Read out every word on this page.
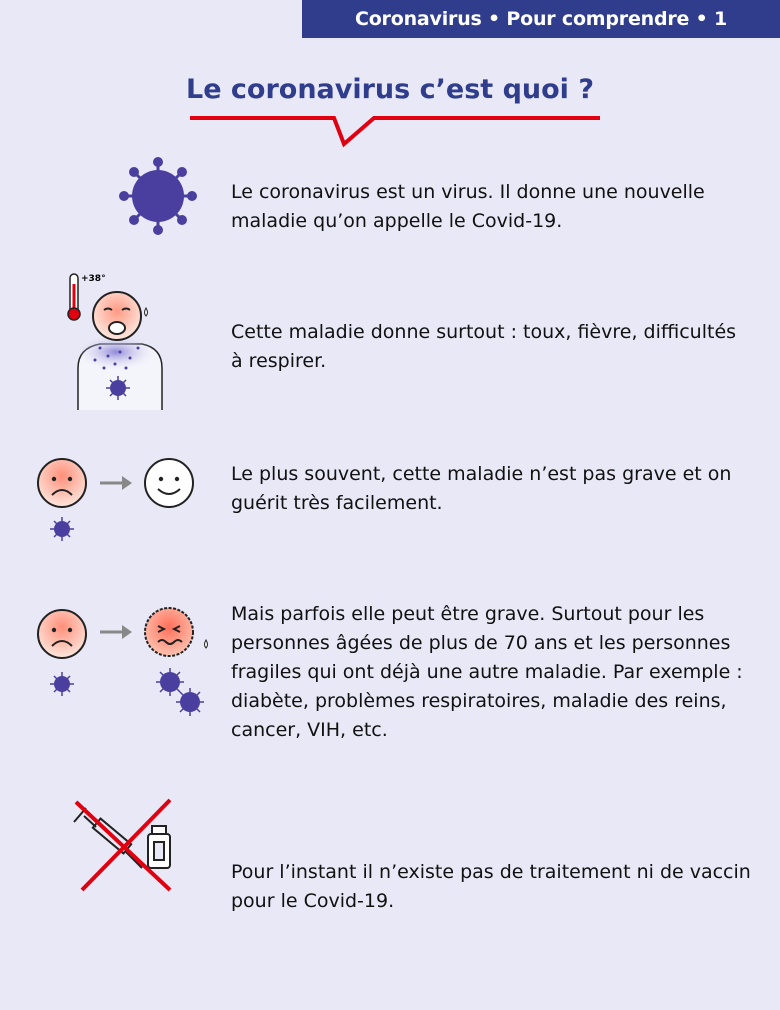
Coronavirus • Pour comprendre • 1
Le coronavirus c’est quoi ?

Le coronavirus est un virus. Il donne une nouvelle maladie qu’on appelle le Covid-19.

+38°

Cette maladie donne surtout : toux, fièvre, difficultés à respirer.

Le plus souvent, cette maladie n’est pas grave et on guérit très facilement.

Mais parfois elle peut être grave. Surtout pour les personnes âgées de plus de 70 ans et les personnes fragiles qui ont déjà une autre maladie. Par exemple : diabète, problèmes respiratoires, maladie des reins, cancer, VIH, etc.

Pour l’instant il n’existe pas de traitement ni de vaccin pour le Covid-19.
